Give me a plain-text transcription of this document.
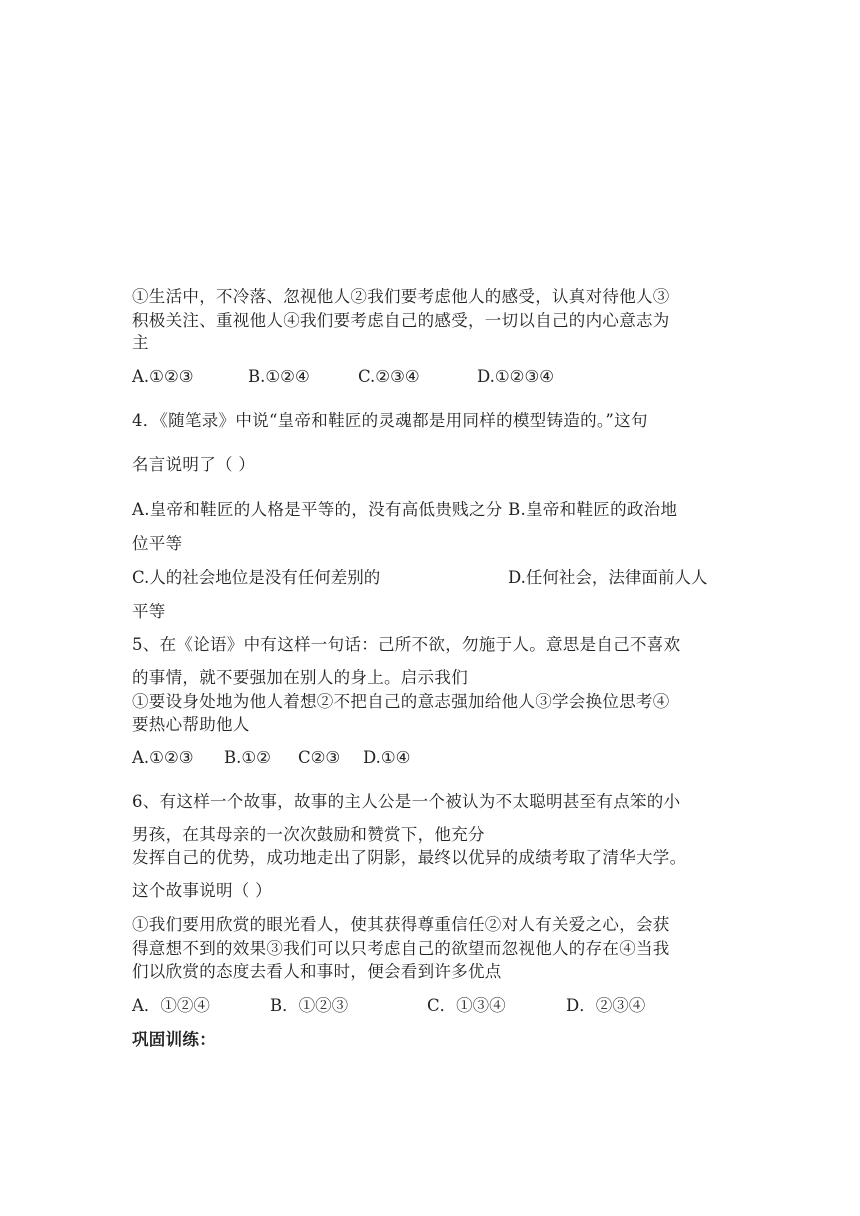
①生活中，不冷落、忽视他人②我们要考虑他人的感受，认真对待他人③
积极关注、重视他人④我们要考虑自己的感受，一切以自己的内心意志为
主
A.①②③	B.①②④	C.②③④	D.①②③④
4．《随笔录》中说“皇帝和鞋匠的灵魂都是用同样的模型铸造的。”这句
名言说明了（ ）
A.皇帝和鞋匠的人格是平等的，没有高低贵贱之分 B.皇帝和鞋匠的政治地
位平等
C.人的社会地位是没有任何差别的	D.任何社会，法律面前人人
平等
5、在《论语》中有这样一句话：己所不欲，勿施于人。意思是自己不喜欢
的事情，就不要强加在别人的身上。启示我们
①要设身处地为他人着想②不把自己的意志强加给他人③学会换位思考④
要热心帮助他人
A.①②③ B.①② C②③ D.①④
6、有这样一个故事，故事的主人公是一个被认为不太聪明甚至有点笨的小
男孩，在其母亲的一次次鼓励和赞赏下，他充分
发挥自己的优势，成功地走出了阴影，最终以优异的成绩考取了清华大学。
这个故事说明（ ）
①我们要用欣赏的眼光看人，使其获得尊重信任②对人有关爱之心，会获
得意想不到的效果③我们可以只考虑自己的欲望而忽视他人的存在④当我
们以欣赏的态度去看人和事时，便会看到许多优点
A．①②④	B．①②③	C．①③④	D．②③④
巩固训练：
